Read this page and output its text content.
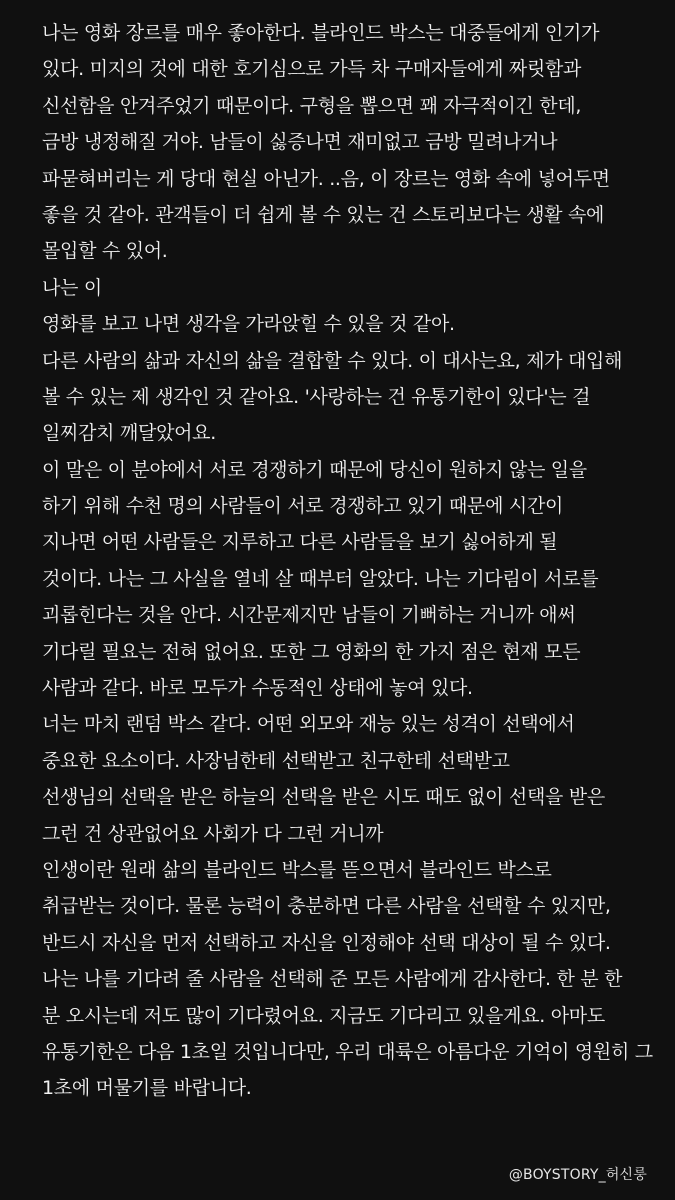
나는 영화 장르를 매우 좋아한다. 블라인드 박스는 대중들에게 인기가
있다. 미지의 것에 대한 호기심으로 가득 차 구매자들에게 짜릿함과
신선함을 안겨주었기 때문이다. 구형을 뽑으면 꽤 자극적이긴 한데,
금방 냉정해질 거야. 남들이 싫증나면 재미없고 금방 밀려나거나
파묻혀버리는 게 당대 현실 아닌가. ..음, 이 장르는 영화 속에 넣어두면
좋을 것 같아. 관객들이 더 쉽게 볼 수 있는 건 스토리보다는 생활 속에
몰입할 수 있어.
나는 이
영화를 보고 나면 생각을 가라앉힐 수 있을 것 같아.
다른 사람의 삶과 자신의 삶을 결합할 수 있다. 이 대사는요, 제가 대입해
볼 수 있는 제 생각인 것 같아요. '사랑하는 건 유통기한이 있다'는 걸
일찌감치 깨달았어요.
이 말은 이 분야에서 서로 경쟁하기 때문에 당신이 원하지 않는 일을
하기 위해 수천 명의 사람들이 서로 경쟁하고 있기 때문에 시간이
지나면 어떤 사람들은 지루하고 다른 사람들을 보기 싫어하게 될
것이다. 나는 그 사실을 열네 살 때부터 알았다. 나는 기다림이 서로를
괴롭힌다는 것을 안다. 시간문제지만 남들이 기뻐하는 거니까 애써
기다릴 필요는 전혀 없어요. 또한 그 영화의 한 가지 점은 현재 모든
사람과 같다. 바로 모두가 수동적인 상태에 놓여 있다.
너는 마치 랜덤 박스 같다. 어떤 외모와 재능 있는 성격이 선택에서
중요한 요소이다. 사장님한테 선택받고 친구한테 선택받고
선생님의 선택을 받은 하늘의 선택을 받은 시도 때도 없이 선택을 받은
그런 건 상관없어요 사회가 다 그런 거니까
인생이란 원래 삶의 블라인드 박스를 뜯으면서 블라인드 박스로
취급받는 것이다. 물론 능력이 충분하면 다른 사람을 선택할 수 있지만,
반드시 자신을 먼저 선택하고 자신을 인정해야 선택 대상이 될 수 있다.
나는 나를 기다려 줄 사람을 선택해 준 모든 사람에게 감사한다. 한 분 한
분 오시는데 저도 많이 기다렸어요. 지금도 기다리고 있을게요. 아마도
유통기한은 다음 1초일 것입니다만, 우리 대륙은 아름다운 기억이 영원히 그
1초에 머물기를 바랍니다.
@BOYSTORY_허신룽
